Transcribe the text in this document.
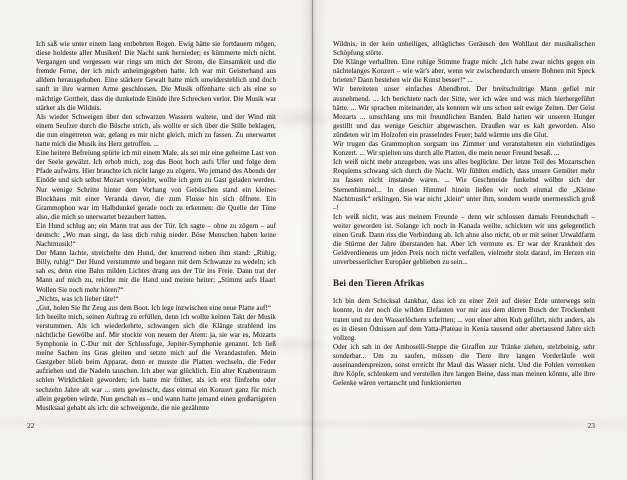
Ich saß wie unter einem lang entbehrten Regen. Ewig hätte sie fortdauern mögen, diese holdeste aller Musiken! Die Nacht sank hernieder; es kümmerte mich nicht. Vergangen und vergessen war rings um mich der Strom, die Einsamkeit und die fremde Ferne, der ich mich anheimgegeben hatte. Ich war mit Geisterhand aus alldem herausgehoben. Eine stärkere Gewalt hatte mich unwiderstehlich und doch sanft in ihre warmen Arme geschlossen. Die Musik offenbarte sich als eine so mächtige Gottheit, dass die dunkelnde Einöde ihre Schrecken verlor. Die Musik war stärker als die Wildnis.

Als wieder Schweigen über den schwarzen Wassern waltete, und der Wind mit einem Seufzer durch die Büsche strich, als wollte er sich über die Stille beklagen, die nun eingetreten war, gelang es mir nicht gleich, mich zu fassen. Zu unerwartet hatte mich die Musik ins Herz getroffen. ...

Eine heitere Befreiung spürte ich mit einem Male, als sei mir eine geheime Last von der Seele gewälzt. Ich erhob mich, zog das Boot hoch aufs Ufer und folge dem Pfade aufwärts. Hier brauchte ich nicht lange zu zögern. Wo jemand des Abends der Einöde und sich selbst Mozart vorspielte, wollte ich gern zu Gast geladen werden. Nur wenige Schritte hinter dem Vorhang von Gebüschen stand ein kleines Blockhaus mit einer Veranda davor, die zum Flusse hin sich öffnete. Ein Grammophon war im Halbdunkel gerade noch zu erkennen: die Quelle der Töne also, die mich so unerwartet bezaubert hatten.

Ein Hund schlug an; ein Mann trat aus der Tür. Ich sagte – ohne zu zögern – auf deutsch: „Wo man singt, da lass dich ruhig nieder. Böse Menschen haben keine Nachtmusik!“

Der Mann lachte, streichelte den Hund, der knurrend neben ihm stand: „Ruhig, Billy, ruhig!“ Der Hund verstummte und begann mit dem Schwanze zu wedeln; ich sah es, denn eine Bahn milden Lichtes drang aus der Tür ins Freie. Dann trat der Mann auf mich zu, reichte mir die Hand und meinte heiter: „Stimmt aufs Haar! Wollen Sie noch mehr hören?“

„Nichts, was ich lieber täte!“

„Gut, holen Sie Ihr Zeug aus dem Boot. Ich lege inzwischen eine neue Platte auf!“

Ich beeilte mich, seinen Auftrag zu erfüllen, denn ich wollte keinen Takt der Musik verstummen. Als ich wiederkehrte, schwangen sich die Klänge strahlend ins nächtliche Gewölbe auf. Mir stockte von neuem der Atem: ja, sie war es, Mozarts Symphonie in C-Dur mit der Schlussfuge, Jupiter-Symphonie genannt. Ich ließ meine Sachen ins Gras gleiten und setzte mich auf die Verandastufen. Mein Gastgeber blieb beim Apparat, denn er musste die Platten wechseln, die Feder aufziehen und die Nadeln tauschen. Ich aber war glücklich. Ein alter Knabentraum schien Wirklichkeit geworden; ich hatte mir früher, als ich erst fünfzehn oder sechzehn Jahre alt war ... stets gewünscht, dass einmal ein Konzert ganz für mich allein gegeben würde. Nun geschah es – und wann hatte jemand einen großartigeren Musiksaal gehabt als ich: die schweigende, die nie gezähmte

22

Wildnis, in der kein unheiliges, alltägliches Geräusch den Wohllaut der musikalischen Schöpfung störte.

Die Klänge verhallten. Eine ruhige Stimme fragte mich: „Ich habe zwar nichts gegen ein nächtelanges Konzert – wie wär's aber, wenn wir zwischendurch unsere Bohnen mit Speck brieten? Dann bestehen wir die Kunst besser!“ ...

Wir bereiteten unser einfaches Abendbrot. Der breitschultrige Mann gefiel mir ausnehmend. ... Ich berichtete nach der Sitte, wer ich wäre und was mich hierhergeführt hätte. ... Wir sprachen miteinander, als kennten wir uns schon seit ewige Zeiten. Der Geist Mozarts ... umschlang uns mit freundlichen Banden. Bald hatten wir unseren Hunger gestillt und das wenige Geschirr abgewaschen. Draußen war es kalt geworden. Also zündeten wir im Holzofen ein prasselndes Feuer; bald wärmte uns die Glut.

Wir trugen das Grammophon sorgsam ins Zimmer und veranstalteten ein vielstündiges Konzert. ... Wir spielten uns durch alle Platten, die mein neuer Freund besaß. ...

Ich weiß nicht mehr anzugeben, was uns alles beglückte. Der letzte Teil des Mozartschen Requiems schwang sich durch die Nacht. Wir fühlten endlich, dass unsere Gemüter mehr zu fassen nicht imstande waren. ... Wie Geschmeide funkelnd wölbte sich der Sternenhimmel... In diesen Himmel hinein ließen wir noch einmal die „Kleine Nachtmusik“ erklingen. Sie war nicht „klein“ unter ihm, sondern wurde unermesslich groß –!

Ich weiß nicht, was aus meinem Freunde – denn wir schlossen damals Freundschaft – weiter geworden ist. Solange ich noch in Kanada weilte, schickten wir uns gelegentlich einen Gruß. Dann riss die Verbindung ab. Ich ahne also nicht, ob er mit seiner Urwaldfarm die Stürme der Jahre überstanden hat. Aber ich vermute es. Er war der Krankheit des Geldverdienens um jeden Preis noch nicht verfallen, vielmehr stolz darauf, im Herzen ein unverbesserlicher Europäer geblieben zu sein...

Bei den Tieren Afrikas

Ich bin dem Schicksal dankbar, dass ich zu einer Zeit auf dieser Erde unterwegs sein konnte, in der noch die wilden Elefanten vor mir aus dem dürren Busch der Trockenheit traten und zu den Wasserlöchern schritten; ... von einer alten Kuh geführt, nicht anders, als es in diesen Ödnissen auf dem Yatta-Plateau in Kenia tausend oder abertausend Jahre sich vollzog.

Oder ich sah in der Amboselli-Steppe die Giraffen zur Tränke ziehen, stelzbeinig, sehr sonderbar... Um zu saufen, müssen die Tiere ihre langen Vorderläufe weit auseinanderspreizen, sonst erreicht ihr Maul das Wasser nicht. Und die Fohlen verrenken ihre Köpfe, schlenkern und verstellen ihre langen Beine, dass man meinen könnte, alle ihre Gelenke wären vertauscht und funktionierten

23
